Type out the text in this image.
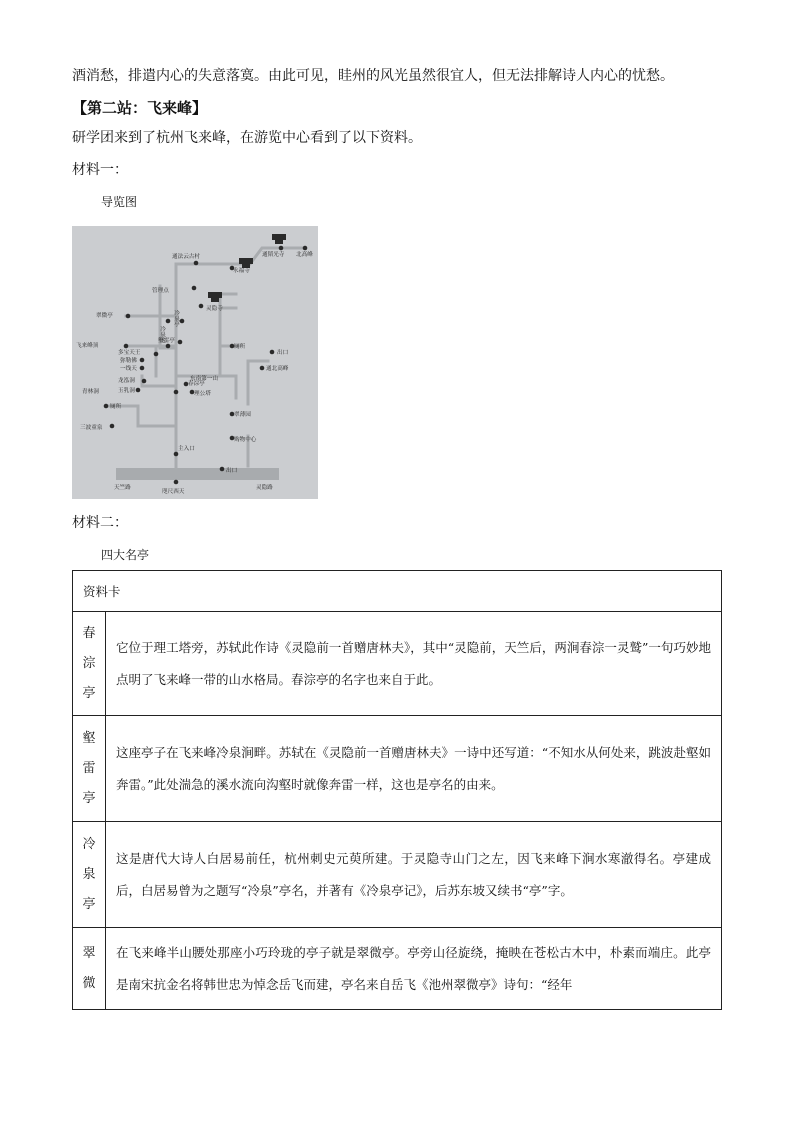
酒消愁，排遣内心的失意落寞。由此可见，眭州的风光虽然很宜人，但无法排解诗人内心的忧愁。
【第二站：飞来峰】
研学团来到了杭州飞来峰，在游览中心看到了以下资料。
材料一：
导览图
通韬光寺 北高峰
通法云古村
永福寺
管理点
灵隐寺
翠微亭
冷泉池
冷泉亭
壑雷亭
飞来峰顶	厕所
多宝天王	出口
弥勒佛
通北高峰
一线天
龙泓洞	春淙亭
东南第一山
玉乳洞	理公塔
青林洞
厕所
翠薄园
三波童泉
购物中心
主入口
出口
天竺路	灵隐路
咫尺西天
材料二：
四大名亭
资料卡	

春
淙
亭	它位于理工塔旁，苏轼此作诗《灵隐前一首赠唐林夫》，其中“灵隐前，天竺后，两涧春淙一灵鹫”一句巧妙地点明了飞来峰一带的山水格局。春淙亭的名字也来自于此。

壑
雷
亭	这座亭子在飞来峰冷泉涧畔。苏轼在《灵隐前一首赠唐林夫》一诗中还写道：“不知水从何处来，跳波赴壑如奔雷。”此处湍急的溪水流向沟壑时就像奔雷一样，这也是亭名的由来。

冷
泉
亭	这是唐代大诗人白居易前任，杭州刺史元萸所建。于灵隐寺山门之左，因飞来峰下涧水寒澈得名。亭建成后，白居易曾为之题写“冷泉”亭名，并著有《冷泉亭记》，后苏东坡又续书“亭”字。

翠
微	在飞来峰半山腰处那座小巧玲珑的亭子就是翠微亭。亭旁山径旋绕，掩映在苍松古木中，朴素而端庄。此亭是南宋抗金名将韩世忠为悼念岳飞而建，亭名来自岳飞《池州翠微亭》诗句：“经年
